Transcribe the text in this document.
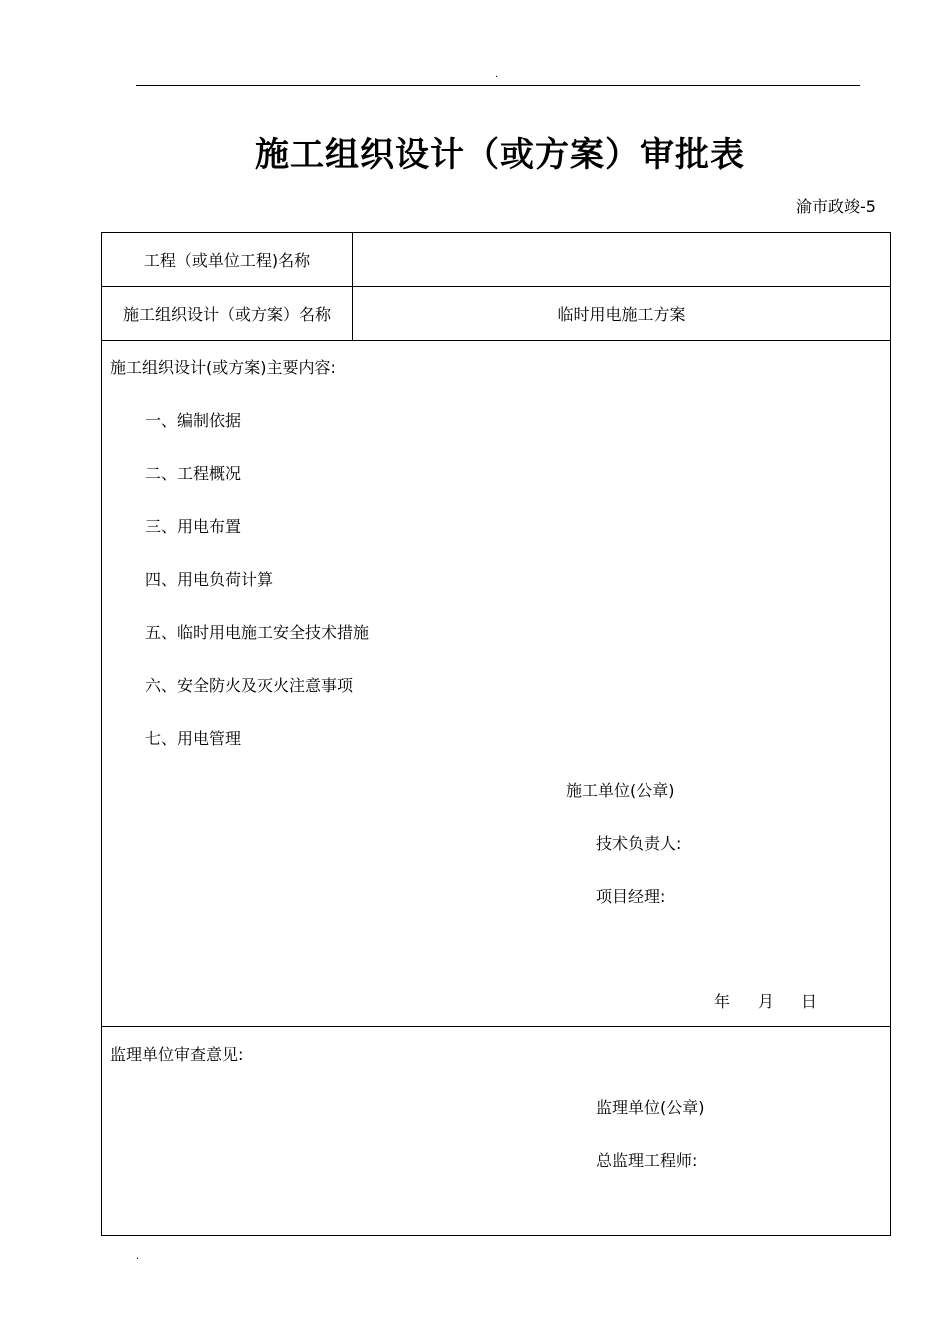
.
施工组织设计（或方案）审批表
渝市政竣-5
工程（或单位工程)名称
施工组织设计（或方案）名称	临时用电施工方案
施工组织设计(或方案)主要内容:
一、编制依据
二、工程概况
三、用电布置
四、用电负荷计算
五、临时用电施工安全技术措施
六、安全防火及灭火注意事项
七、用电管理
施工单位(公章)
技术负责人:
项目经理:
年 月 日
监理单位审查意见:
监理单位(公章)
总监理工程师:
.
